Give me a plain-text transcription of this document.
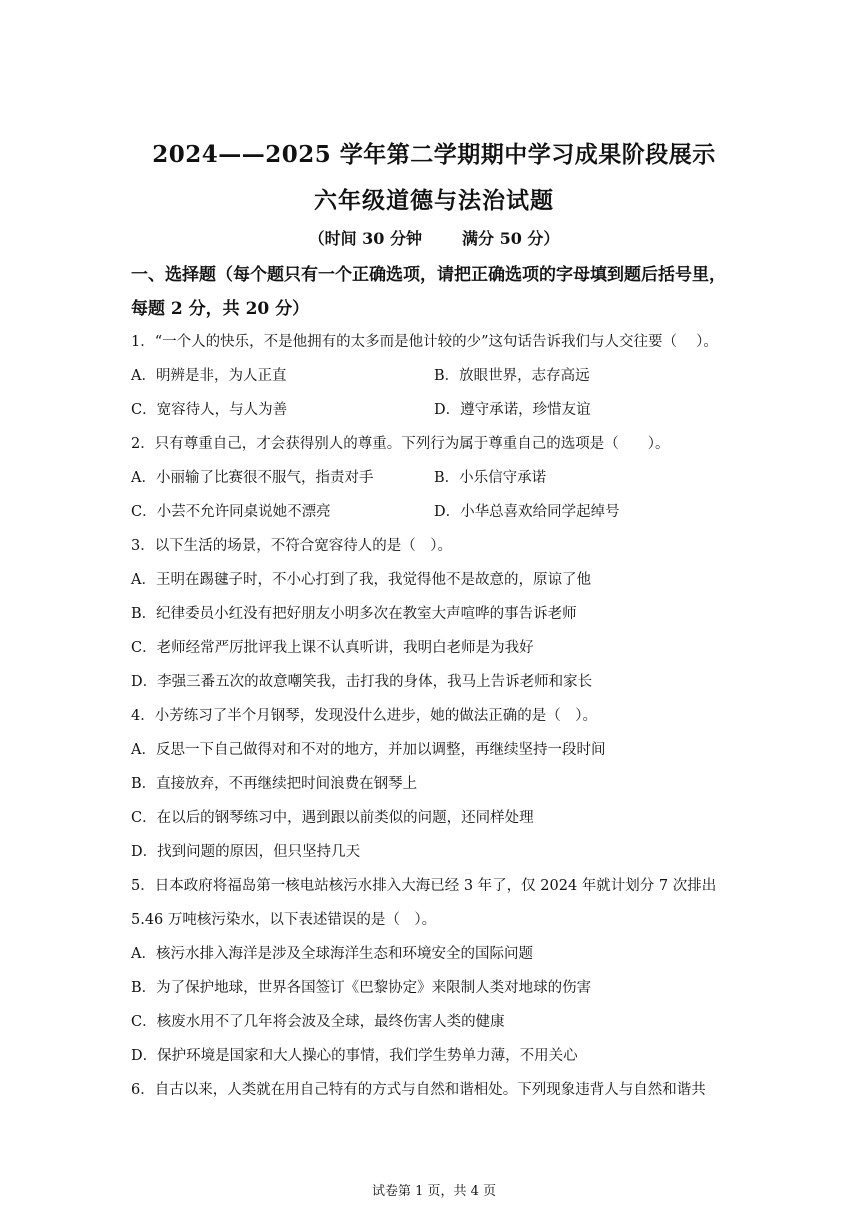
2024——2025 学年第二学期期中学习成果阶段展示
六年级道德与法治试题
（时间 30 分钟	满分 50 分）
一、选择题（每个题只有一个正确选项，请把正确选项的字母填到题后括号里，
每题 2 分，共 20 分）
1．“一个人的快乐，不是他拥有的太多而是他计较的少”这句话告诉我们与人交往要（　 ）。
A．明辨是非，为人正直	B．放眼世界，志存高远
C．宽容待人，与人为善	D．遵守承诺，珍惜友谊
2．只有尊重自己，才会获得别人的尊重。下列行为属于尊重自己的选项是（　　）。
A．小丽输了比赛很不服气，指责对手	B．小乐信守承诺
C．小芸不允许同桌说她不漂亮	D．小华总喜欢给同学起绰号
3．以下生活的场景，不符合宽容待人的是（　）。
A．王明在踢毽子时，不小心打到了我，我觉得他不是故意的，原谅了他
B．纪律委员小红没有把好朋友小明多次在教室大声喧哗的事告诉老师
C．老师经常严厉批评我上课不认真听讲，我明白老师是为我好
D．李强三番五次的故意嘲笑我，击打我的身体，我马上告诉老师和家长
4．小芳练习了半个月钢琴，发现没什么进步，她的做法正确的是（　）。
A．反思一下自己做得对和不对的地方，并加以调整，再继续坚持一段时间
B．直接放弃，不再继续把时间浪费在钢琴上
C．在以后的钢琴练习中，遇到跟以前类似的问题，还同样处理
D．找到问题的原因，但只坚持几天
5．日本政府将福岛第一核电站核污水排入大海已经 3 年了，仅 2024 年就计划分 7 次排出
5.46 万吨核污染水，以下表述错误的是（　）。
A．核污水排入海洋是涉及全球海洋生态和环境安全的国际问题
B．为了保护地球，世界各国签订《巴黎协定》来限制人类对地球的伤害
C．核废水用不了几年将会波及全球，最终伤害人类的健康
D．保护环境是国家和大人操心的事情，我们学生势单力薄，不用关心
6．自古以来，人类就在用自己特有的方式与自然和谐相处。下列现象违背人与自然和谐共
试卷第 1 页，共 4 页
